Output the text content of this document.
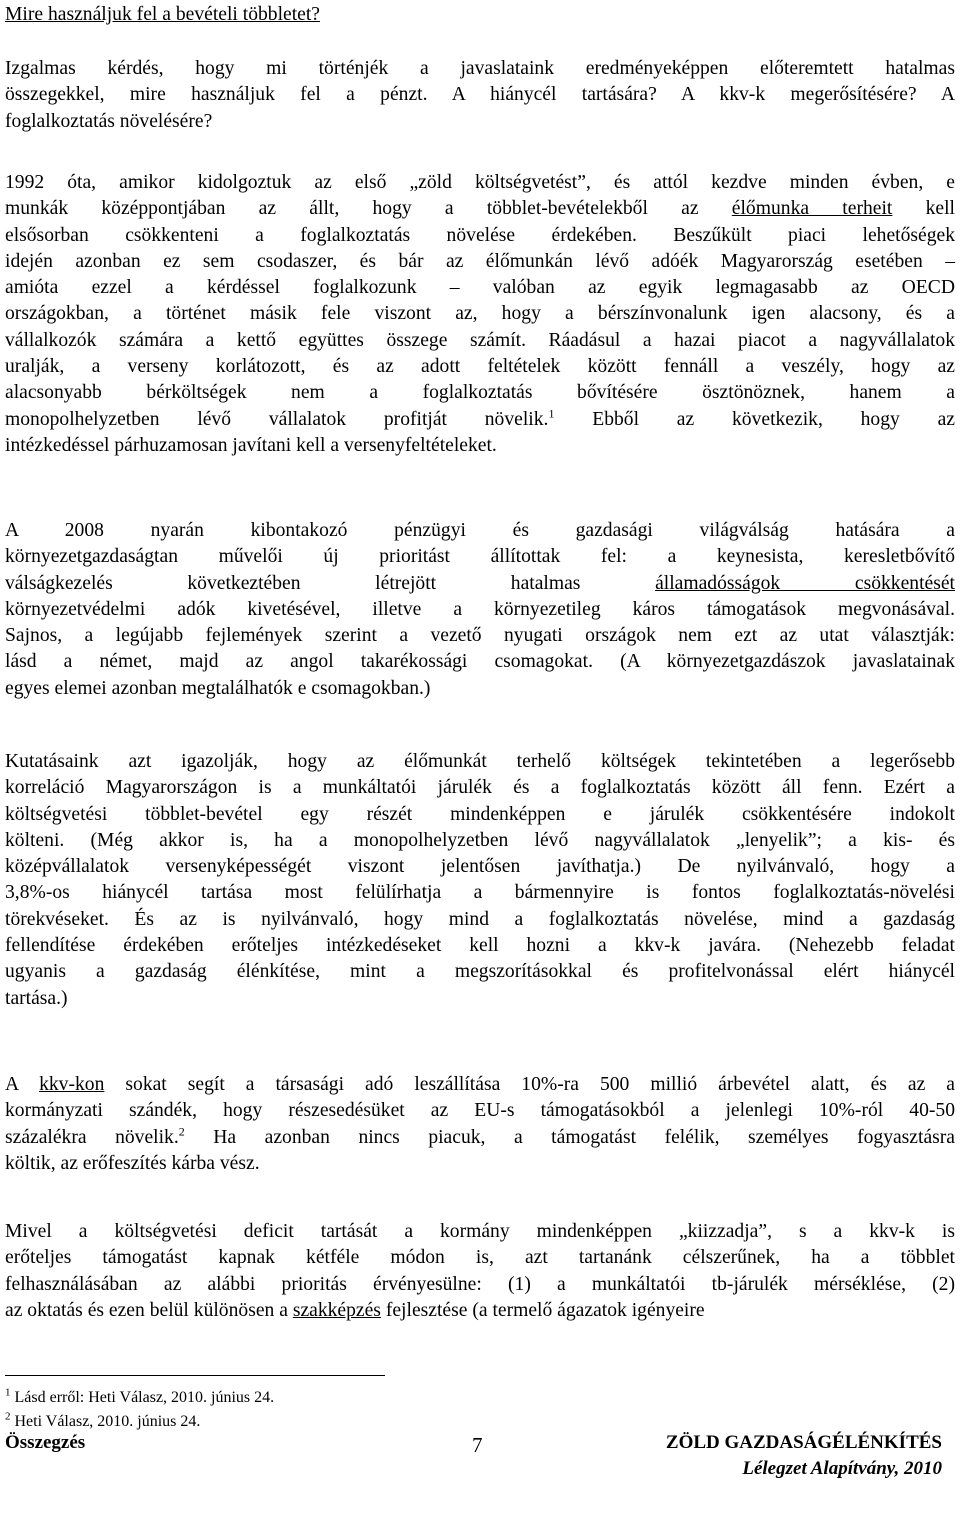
Mire használjuk fel a bevételi többletet?
Izgalmas kérdés, hogy mi történjék a javaslataink eredményeképpen előteremtett hatalmas
összegekkel, mire használjuk fel a pénzt. A hiánycél tartására? A kkv-k megerősítésére? A
foglalkoztatás növelésére?
1992 óta, amikor kidolgoztuk az első „zöld költségvetést”, és attól kezdve minden évben, e
munkák középpontjában az állt, hogy a többlet-bevételekből az élőmunka terheit kell
elsősorban csökkenteni a foglalkoztatás növelése érdekében. Beszűkült piaci lehetőségek
idején azonban ez sem csodaszer, és bár az élőmunkán lévő adóék Magyarország esetében –
amióta ezzel a kérdéssel foglalkozunk – valóban az egyik legmagasabb az OECD
országokban, a történet másik fele viszont az, hogy a bérszínvonalunk igen alacsony, és a
vállalkozók számára a kettő együttes összege számít. Ráadásul a hazai piacot a nagyvállalatok
uralják, a verseny korlátozott, és az adott feltételek között fennáll a veszély, hogy az
alacsonyabb bérköltségek nem a foglalkoztatás bővítésére ösztönöznek, hanem a
monopolhelyzetben lévő vállalatok profitját növelik.$^1$ Ebből az következik, hogy az
intézkedéssel párhuzamosan javítani kell a versenyfeltételeket.
A 2008 nyarán kibontakozó pénzügyi és gazdasági világválság hatására a
környezetgazdaságtan művelői új prioritást állítottak fel: a keynesista, keresletbővítő
válságkezelés következtében létrejött hatalmas államadósságok csökkentését
környezetvédelmi adók kivetésével, illetve a környezetileg káros támogatások megvonásával.
Sajnos, a legújabb fejlemények szerint a vezető nyugati országok nem ezt az utat választják:
lásd a német, majd az angol takarékossági csomagokat. (A környezetgazdászok javaslatainak
egyes elemei azonban megtalálhatók e csomagokban.)
Kutatásaink azt igazolják, hogy az élőmunkát terhelő költségek tekintetében a legerősebb
korreláció Magyarországon is a munkáltatói járulék és a foglalkoztatás között áll fenn. Ezért a
költségvetési többlet-bevétel egy részét mindenképpen e járulék csökkentésére indokolt
költeni. (Még akkor is, ha a monopolhelyzetben lévő nagyvállalatok „lenyelik”; a kis- és
középvállalatok versenyképességét viszont jelentősen javíthatja.) De nyilvánvaló, hogy a
3,8%-os hiánycél tartása most felülírhatja a bármennyire is fontos foglalkoztatás-növelési
törekvéseket. És az is nyilvánvaló, hogy mind a foglalkoztatás növelése, mind a gazdaság
fellendítése érdekében erőteljes intézkedéseket kell hozni a kkv-k javára. (Nehezebb feladat
ugyanis a gazdaság élénkítése, mint a megszorításokkal és profitelvonással elért hiánycél
tartása.)
A kkv-kon sokat segít a társasági adó leszállítása 10%-ra 500 millió árbevétel alatt, és az a
kormányzati szándék, hogy részesedésüket az EU-s támogatásokból a jelenlegi 10%-ról 40-50
százalékra növelik.$^2$ Ha azonban nincs piacuk, a támogatást felélik, személyes fogyasztásra
költik, az erőfeszítés kárba vész.
Mivel a költségvetési deficit tartását a kormány mindenképpen „kiizzadja”, s a kkv-k is
erőteljes támogatást kapnak kétféle módon is, azt tartanánk célszerűnek, ha a többlet
felhasználásában az alábbi prioritás érvényesülne: (1) a munkáltatói tb-járulék mérséklése, (2)
az oktatás és ezen belül különösen a szakképzés fejlesztése (a termelő ágazatok igényeire
$^1$ Lásd erről: Heti Válasz, 2010. június 24.
$^2$ Heti Válasz, 2010. június 24.
Összegzés	7	ZÖLD GAZDASÁGÉLÉNKÍTÉS
Lélegzet Alapítvány, 2010
